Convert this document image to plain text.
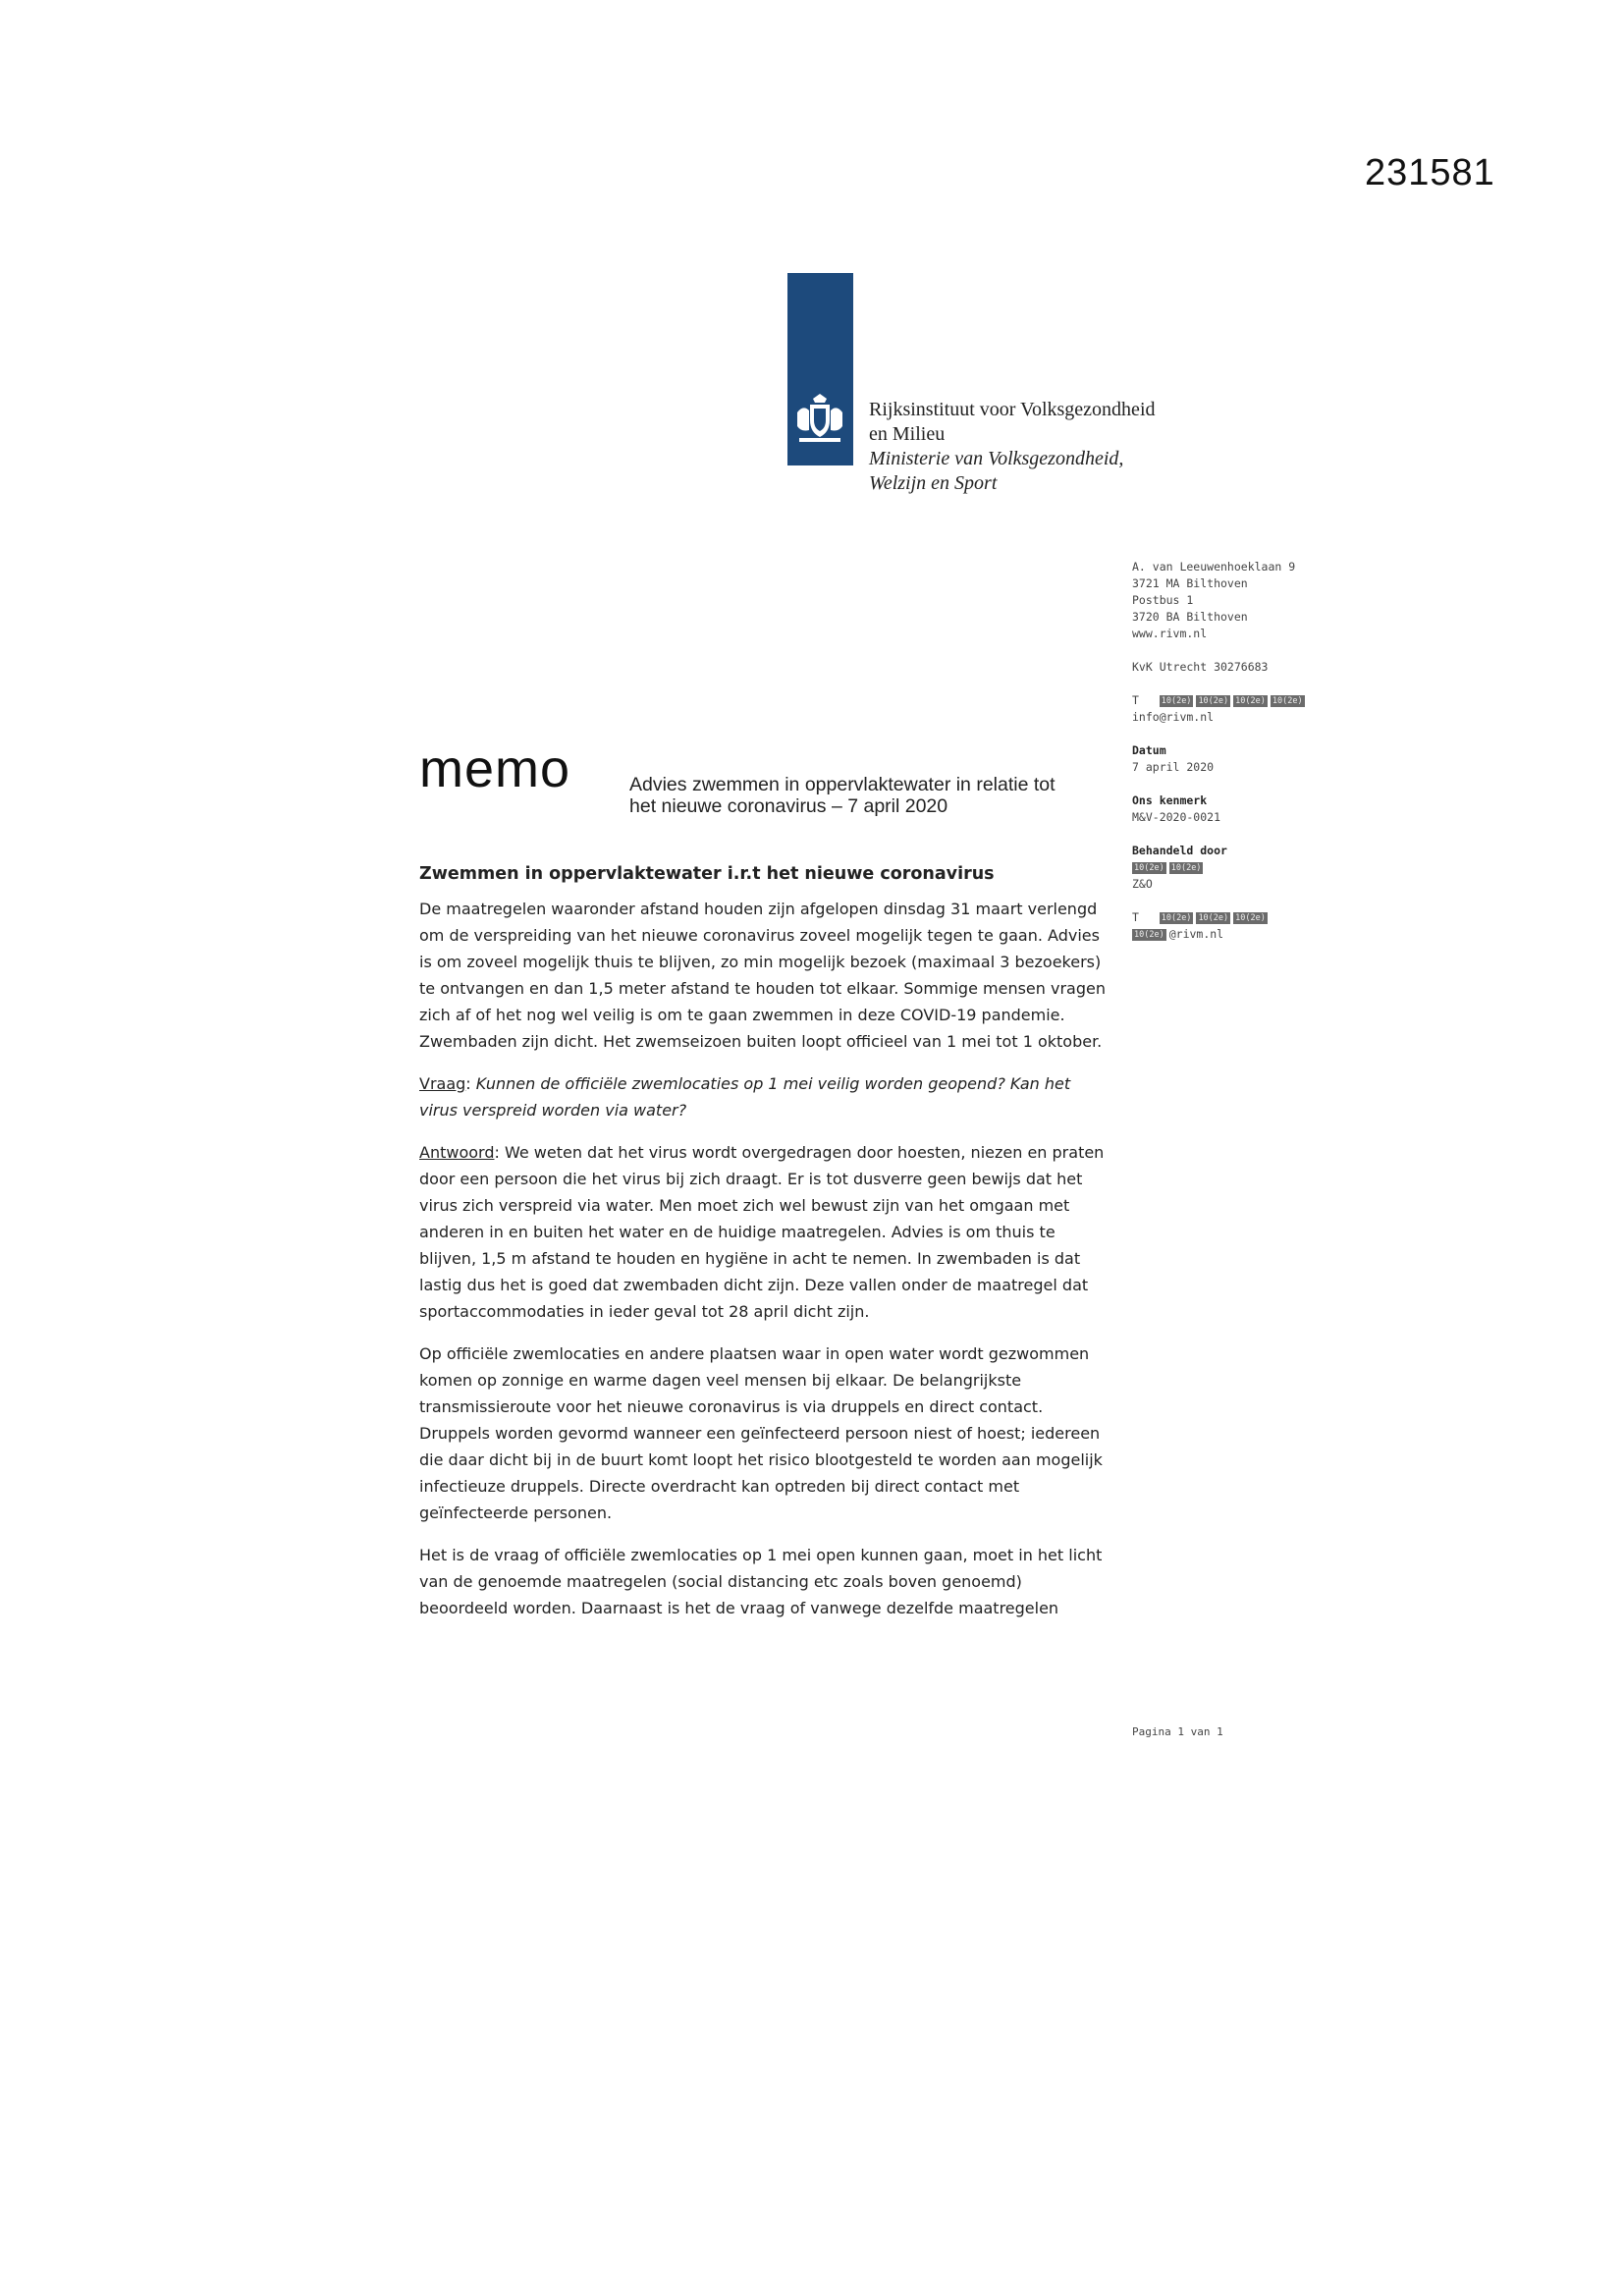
231581
Rijksinstituut voor Volksgezondheid
en Milieu
Ministerie van Volksgezondheid,
Welzijn en Sport
A. van Leeuwenhoeklaan 9
3721 MA Bilthoven
Postbus 1
3720 BA Bilthoven
www.rivm.nl
KvK Utrecht 30276683
T	10(2e) 10(2e) 10(2e) 10(2e)
info@rivm.nl
Datum
7 april 2020
Ons kenmerk
M&V-2020-0021
Behandeld door
10(2e) 10(2e)
Z&O
T	10(2e) 10(2e) 10(2e)
10(2e) @rivm.nl
memo	Advies zwemmen in oppervlaktewater in relatie tot
het nieuwe coronavirus – 7 april 2020
Zwemmen in oppervlaktewater i.r.t het nieuwe coronavirus

De maatregelen waaronder afstand houden zijn afgelopen dinsdag 31 maart verlengd om de verspreiding van het nieuwe coronavirus zoveel mogelijk tegen te gaan. Advies is om zoveel mogelijk thuis te blijven, zo min mogelijk bezoek (maximaal 3 bezoekers) te ontvangen en dan 1,5 meter afstand te houden tot elkaar. Sommige mensen vragen zich af of het nog wel veilig is om te gaan zwemmen in deze COVID-19 pandemie. Zwembaden zijn dicht. Het zwemseizoen buiten loopt officieel van 1 mei tot 1 oktober.

Vraag: Kunnen de officiële zwemlocaties op 1 mei veilig worden geopend? Kan het virus verspreid worden via water?

Antwoord: We weten dat het virus wordt overgedragen door hoesten, niezen en praten door een persoon die het virus bij zich draagt. Er is tot dusverre geen bewijs dat het virus zich verspreid via water. Men moet zich wel bewust zijn van het omgaan met anderen in en buiten het water en de huidige maatregelen. Advies is om thuis te blijven, 1,5 m afstand te houden en hygiëne in acht te nemen. In zwembaden is dat lastig dus het is goed dat zwembaden dicht zijn. Deze vallen onder de maatregel dat sportaccommodaties in ieder geval tot 28 april dicht zijn.

Op officiële zwemlocaties en andere plaatsen waar in open water wordt gezwommen komen op zonnige en warme dagen veel mensen bij elkaar. De belangrijkste transmissieroute voor het nieuwe coronavirus is via druppels en direct contact. Druppels worden gevormd wanneer een geïnfecteerd persoon niest of hoest; iedereen die daar dicht bij in de buurt komt loopt het risico blootgesteld te worden aan mogelijk infectieuze druppels. Directe overdracht kan optreden bij direct contact met geïnfecteerde personen.

Het is de vraag of officiële zwemlocaties op 1 mei open kunnen gaan, moet in het licht van de genoemde maatregelen (social distancing etc zoals boven genoemd) beoordeeld worden. Daarnaast is het de vraag of vanwege dezelfde maatregelen

Pagina 1 van 1
